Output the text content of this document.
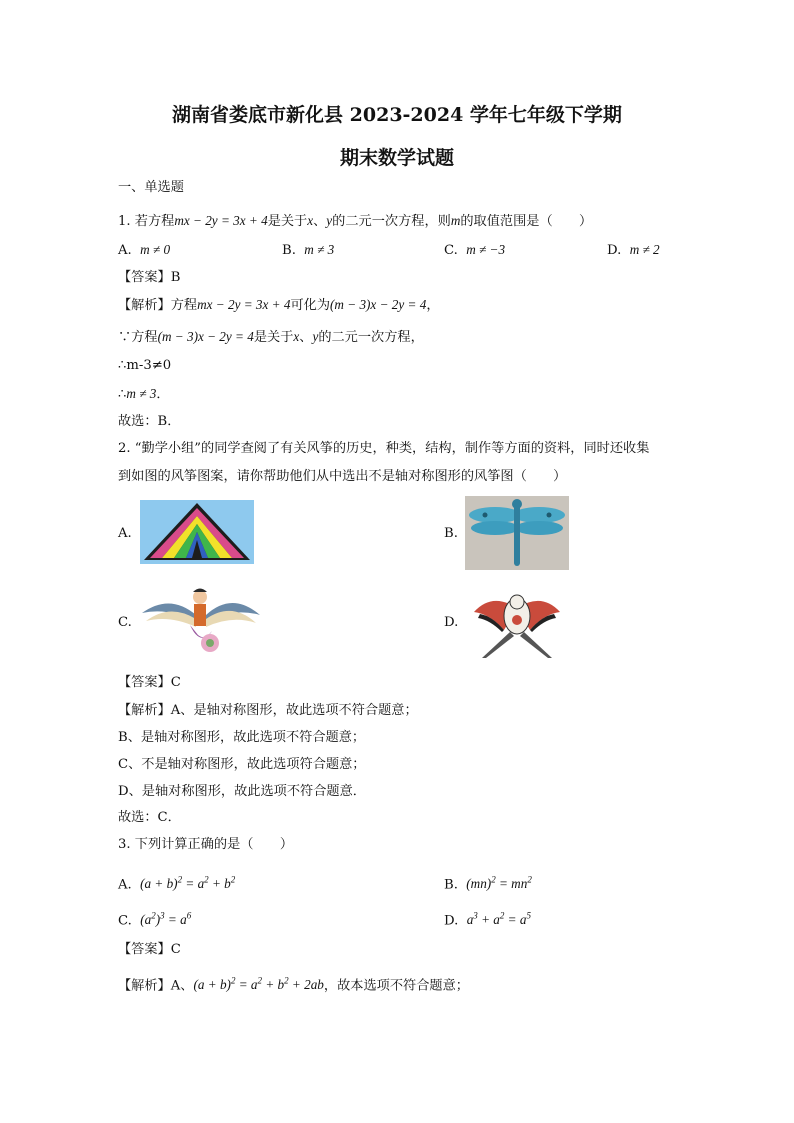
湖南省娄底市新化县 2023-2024 学年七年级下学期
期末数学试题
一、单选题
1. 若方程mx − 2y = 3x + 4是关于x、y的二元一次方程，则m的取值范围是（　　）
A. m ≠ 0	B. m ≠ 3	C. m ≠ −3	D. m ≠ 2
【答案】B
【解析】方程mx − 2y = 3x + 4可化为(m − 3)x − 2y = 4，
∵方程(m − 3)x − 2y = 4是关于x、y的二元一次方程，
∴m-3≠0
∴m ≠ 3．
故选：B．
2. “勤学小组”的同学查阅了有关风筝的历史，种类，结构，制作等方面的资料，同时还收集
到如图的风筝图案，请你帮助他们从中选出不是轴对称图形的风筝图（　　）
A.	B.
C.	D.
【答案】C
【解析】A、是轴对称图形，故此选项不符合题意；
B、是轴对称图形，故此选项不符合题意；
C、不是轴对称图形，故此选项符合题意；
D、是轴对称图形，故此选项不符合题意．
故选：C．
3. 下列计算正确的是（　　）
A. $(a + b)^2 = a^2 + b^2$	B. $(mn)^2 = mn^2$
C. $(a^2)^3 = a^6$	D. $a^3 + a^2 = a^5$
【答案】C
【解析】A、$(a + b)^2 = a^2 + b^2 + 2ab$，故本选项不符合题意；
